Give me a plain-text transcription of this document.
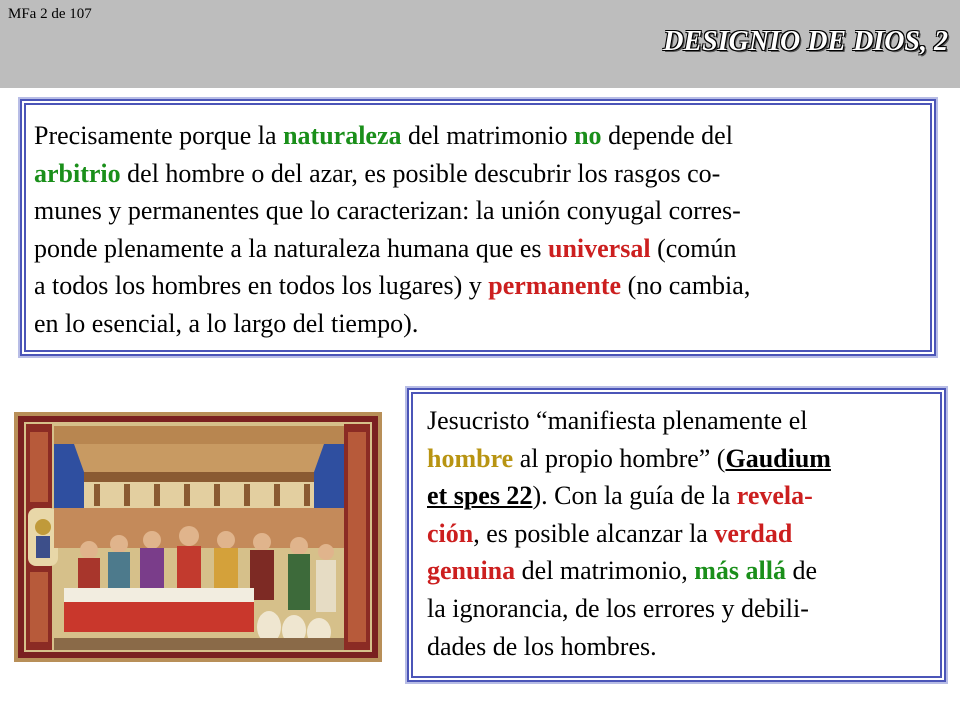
MFa 2 de 107
DESIGNIO DE DIOS, 2
Precisamente porque la naturaleza del matrimonio no depende del
arbitrio del hombre o del azar, es posible descubrir los rasgos co-
munes y permanentes que lo caracterizan: la unión conyugal corres-
ponde plenamente a la naturaleza humana que es universal (común
a todos los hombres en todos los lugares) y permanente (no cambia,
en lo esencial, a lo largo del tiempo).
Jesucristo “manifiesta plenamente el
hombre al propio hombre” (Gaudium
et spes 22). Con la guía de la revela-
ción, es posible alcanzar la verdad
genuina del matrimonio, más allá de
la ignorancia, de los errores y debili-
dades de los hombres.
